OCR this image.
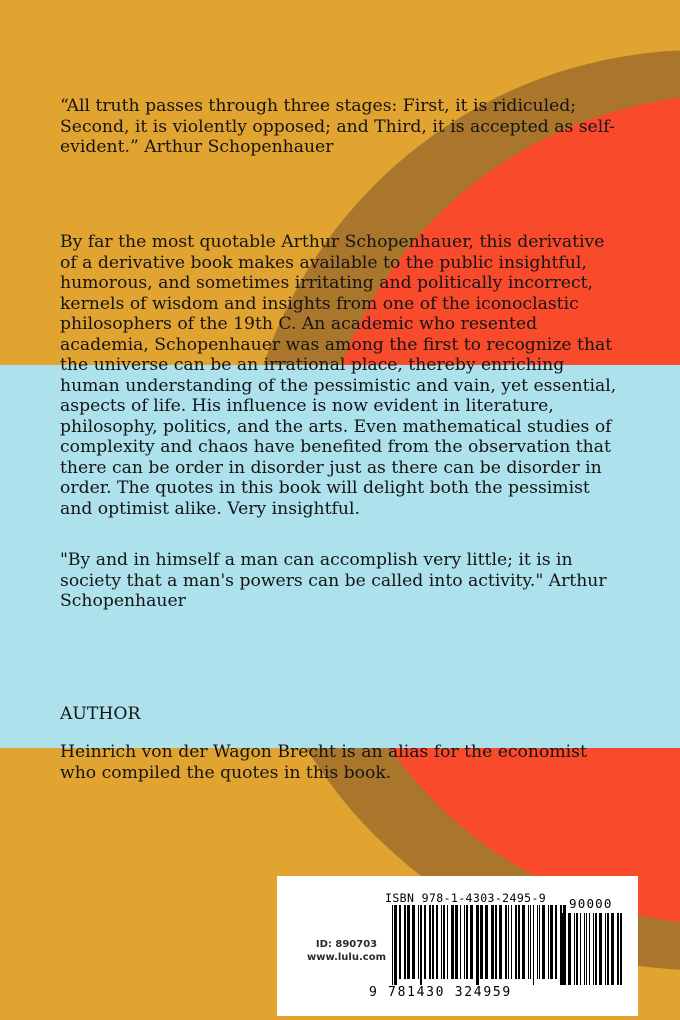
“All truth passes through three stages: First, it is ridiculed; Second, it is violently opposed; and Third, it is accepted as self-evident.” Arthur Schopenhauer

By far the most quotable Arthur Schopenhauer, this derivative of a derivative book makes available to the public insightful, humorous, and sometimes irritating and politically incorrect, kernels of wisdom and insights from one of the iconoclastic philosophers of the 19th C. An academic who resented academia, Schopenhauer was among the first to recognize that the universe can be an irrational place, thereby enriching human understanding of the pessimistic and vain, yet essential, aspects of life. His influence is now evident in literature, philosophy, politics, and the arts. Even mathematical studies of complexity and chaos have benefited from the observation that there can be order in disorder just as there can be disorder in order. The quotes in this book will delight both the pessimist and optimist alike. Very insightful.

"By and in himself a man can accomplish very little; it is in society that a man's powers can be called into activity." Arthur Schopenhauer

AUTHOR

Heinrich von der Wagon Brecht is an alias for the economist who compiled the quotes in this book.

ID: 890703
www.lulu.com
ISBN 978-1-4303-2495-9 90000
9 781430 324959
